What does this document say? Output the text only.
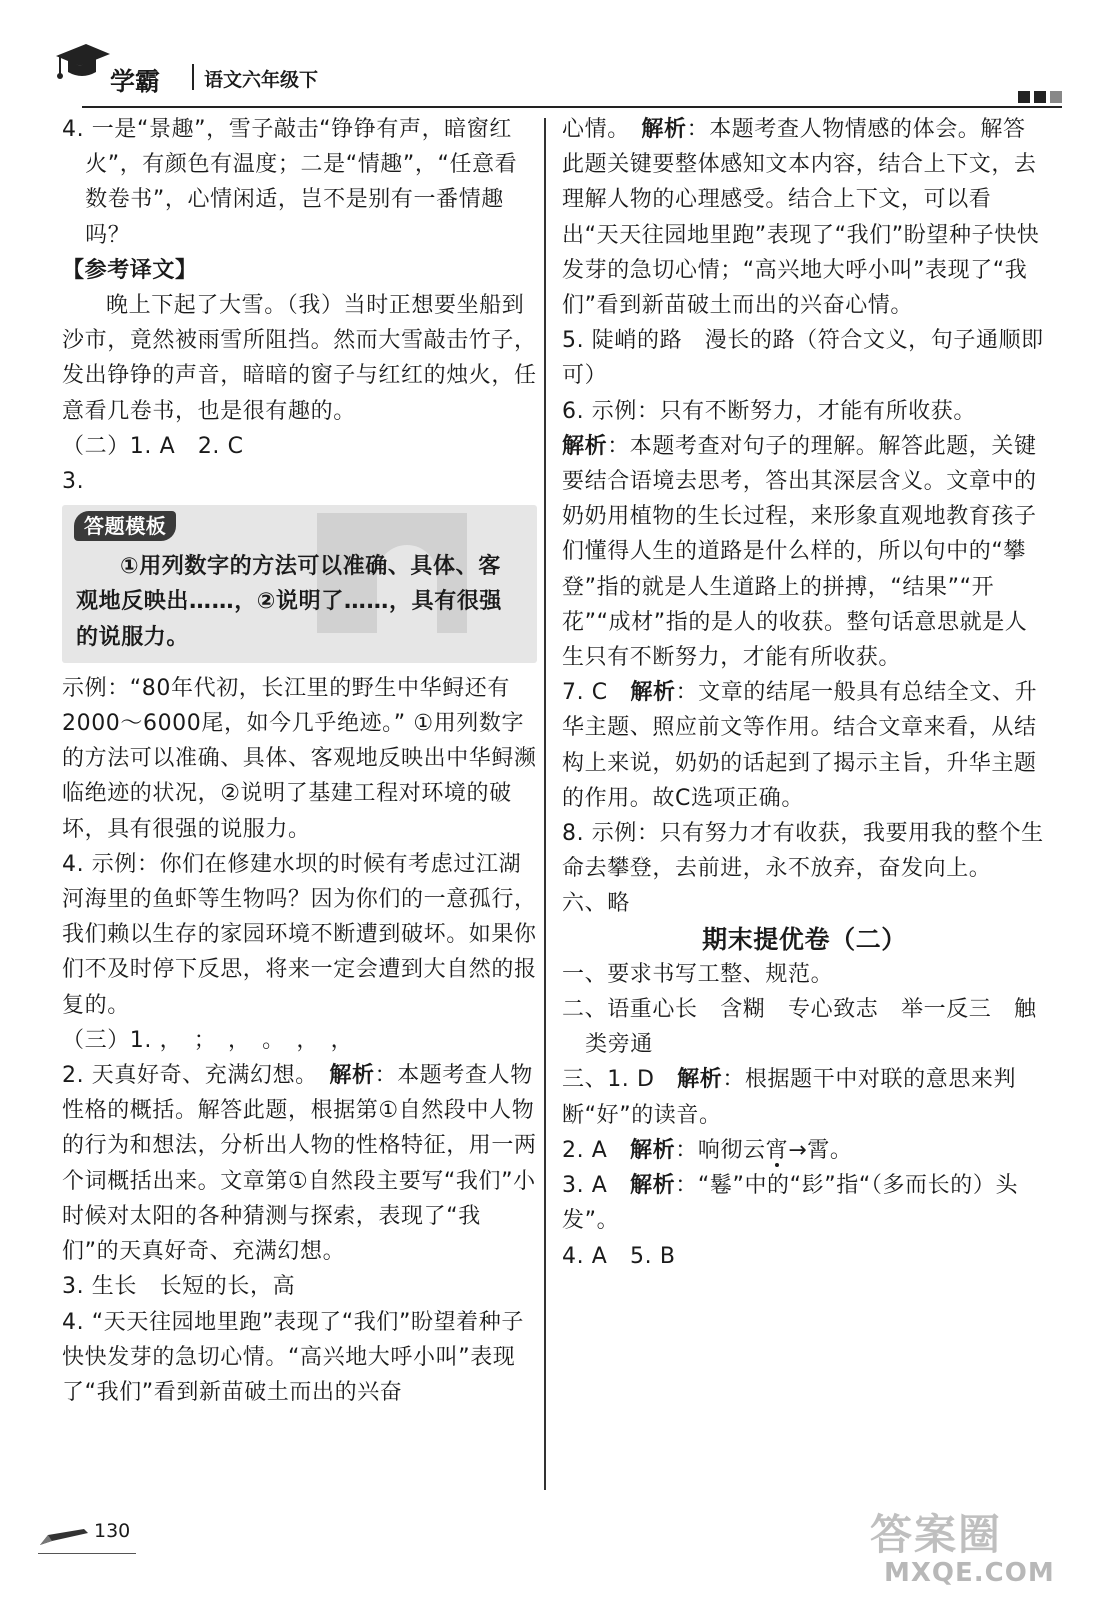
学霸 语文六年级下

4. 一是“景趣”，雪子敲击“铮铮有声，暗窗红火”，有颜色有温度；二是“情趣”，“任意看数卷书”，心情闲适，岂不是别有一番情趣吗？

【参考译文】

晚上下起了大雪。（我）当时正想要坐船到沙市，竟然被雨雪所阻挡。然而大雪敲击竹子，发出铮铮的声音，暗暗的窗子与红红的烛火，任意看几卷书，也是很有趣的。

（二）1. A　2. C

3.

答题模板

①用列数字的方法可以准确、具体、客观地反映出……，②说明了……，具有很强的说服力。

示例：“80年代初，长江里的野生中华鲟还有2000～6000尾，如今几乎绝迹。” ①用列数字的方法可以准确、具体、客观地反映出中华鲟濒临绝迹的状况，②说明了基建工程对环境的破坏，具有很强的说服力。

4. 示例：你们在修建水坝的时候有考虑过江湖河海里的鱼虾等生物吗？因为你们的一意孤行，我们赖以生存的家园环境不断遭到破坏。如果你们不及时停下反思，将来一定会遭到大自然的报复的。

（三）1. ，　；　，　。　，　，

2. 天真好奇、充满幻想。　解析：本题考查人物性格的概括。解答此题，根据第①自然段中人物的行为和想法，分析出人物的性格特征，用一两个词概括出来。文章第①自然段主要写“我们”小时候对太阳的各种猜测与探索，表现了“我们”的天真好奇、充满幻想。

3. 生长　长短的长，高

4. “天天往园地里跑”表现了“我们”盼望着种子快快发芽的急切心情。“高兴地大呼小叫”表现了“我们”看到新苗破土而出的兴奋

心情。　解析：本题考查人物情感的体会。解答此题关键要整体感知文本内容，结合上下文，去理解人物的心理感受。结合上下文，可以看出“天天往园地里跑”表现了“我们”盼望种子快快发芽的急切心情；“高兴地大呼小叫”表现了“我们”看到新苗破土而出的兴奋心情。

5. 陡峭的路　漫长的路（符合文义，句子通顺即可）

6. 示例：只有不断努力，才能有所收获。

解析：本题考查对句子的理解。解答此题，关键要结合语境去思考，答出其深层含义。文章中的奶奶用植物的生长过程，来形象直观地教育孩子们懂得人生的道路是什么样的，所以句中的“攀登”指的就是人生道路上的拼搏，“结果”“开花”“成材”指的是人的收获。整句话意思就是人生只有不断努力，才能有所收获。

7. C　解析：文章的结尾一般具有总结全文、升华主题、照应前文等作用。结合文章来看，从结构上来说，奶奶的话起到了揭示主旨，升华主题的作用。故C选项正确。

8. 示例：只有努力才有收获，我要用我的整个生命去攀登，去前进，永不放弃，奋发向上。

六、略

期末提优卷（二）

一、要求书写工整、规范。

二、语重心长　含糊　专心致志　举一反三　触类旁通

三、1. D　解析：根据题干中对联的意思来判断“好”的读音。

2. A　解析：响彻云宵→霄。

3. A　解析：“鬈”中的“髟”指“（多而长的）头发”。

4. A　5. B

130	答案圈
MXQE.COM
